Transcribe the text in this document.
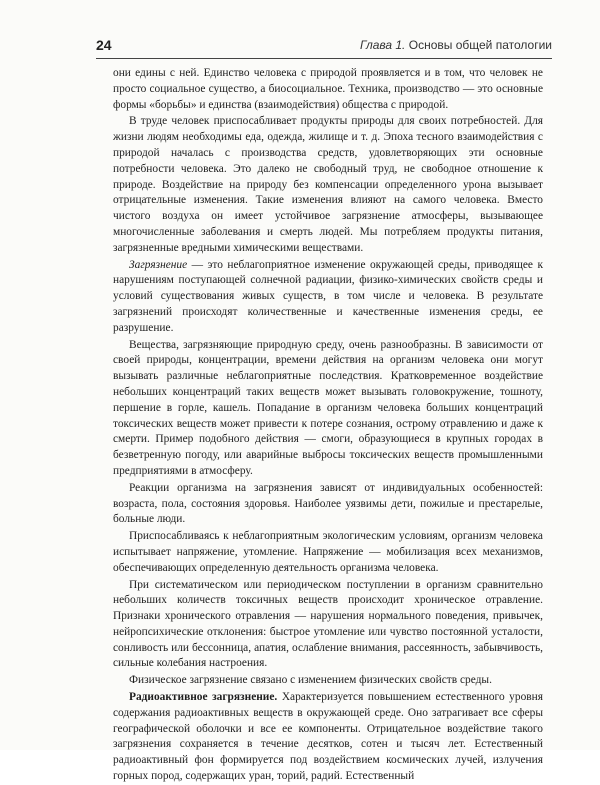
24	Глава 1. Основы общей патологии

они едины с ней. Единство человека с природой проявляется и в том, что человек не просто социальное существо, а биосоциальное. Техника, производство — это основные формы «борьбы» и единства (взаимодействия) общества с природой.

В труде человек приспосабливает продукты природы для своих потребностей. Для жизни людям необходимы еда, одежда, жилище и т. д. Эпоха тесного взаимодействия с природой началась с производства средств, удовлетворяющих эти основные потребности человека. Это далеко не свободный труд, не свободное отношение к природе. Воздействие на природу без компенсации определенного урона вызывает отрицательные изменения. Такие изменения влияют на самого человека. Вместо чистого воздуха он имеет устойчивое загрязнение атмосферы, вызывающее многочисленные заболевания и смерть людей. Мы потребляем продукты питания, загрязненные вредными химическими веществами.

Загрязнение — это неблагоприятное изменение окружающей среды, приводящее к нарушениям поступающей солнечной радиации, физико-химических свойств среды и условий существования живых существ, в том числе и человека. В результате загрязнений происходят количественные и качественные изменения среды, ее разрушение.

Вещества, загрязняющие природную среду, очень разнообразны. В зависимости от своей природы, концентрации, времени действия на организм человека они могут вызывать различные неблагоприятные последствия. Кратковременное воздействие небольших концентраций таких веществ может вызывать головокружение, тошноту, першение в горле, кашель. Попадание в организм человека больших концентраций токсических веществ может привести к потере сознания, острому отравлению и даже к смерти. Пример подобного действия — смоги, образующиеся в крупных городах в безветренную погоду, или аварийные выбросы токсических веществ промышленными предприятиями в атмосферу.

Реакции организма на загрязнения зависят от индивидуальных особенностей: возраста, пола, состояния здоровья. Наиболее уязвимы дети, пожилые и престарелые, больные люди.

Приспосабливаясь к неблагоприятным экологическим условиям, организм человека испытывает напряжение, утомление. Напряжение — мобилизация всех механизмов, обеспечивающих определенную деятельность организма человека.

При систематическом или периодическом поступлении в организм сравнительно небольших количеств токсичных веществ происходит хроническое отравление. Признаки хронического отравления — нарушения нормального поведения, привычек, нейропсихические отклонения: быстрое утомление или чувство постоянной усталости, сонливость или бессонница, апатия, ослабление внимания, рассеянность, забывчивость, сильные колебания настроения.

Физическое загрязнение связано с изменением физических свойств среды.

Радиоактивное загрязнение. Характеризуется повышением естественного уровня содержания радиоактивных веществ в окружающей среде. Оно затрагивает все сферы географической оболочки и все ее компоненты. Отрицательное воздействие такого загрязнения сохраняется в течение десятков, сотен и тысяч лет. Естественный радиоактивный фон формируется под воздействием космических лучей, излучения горных пород, содержащих уран, торий, радий. Естественный
